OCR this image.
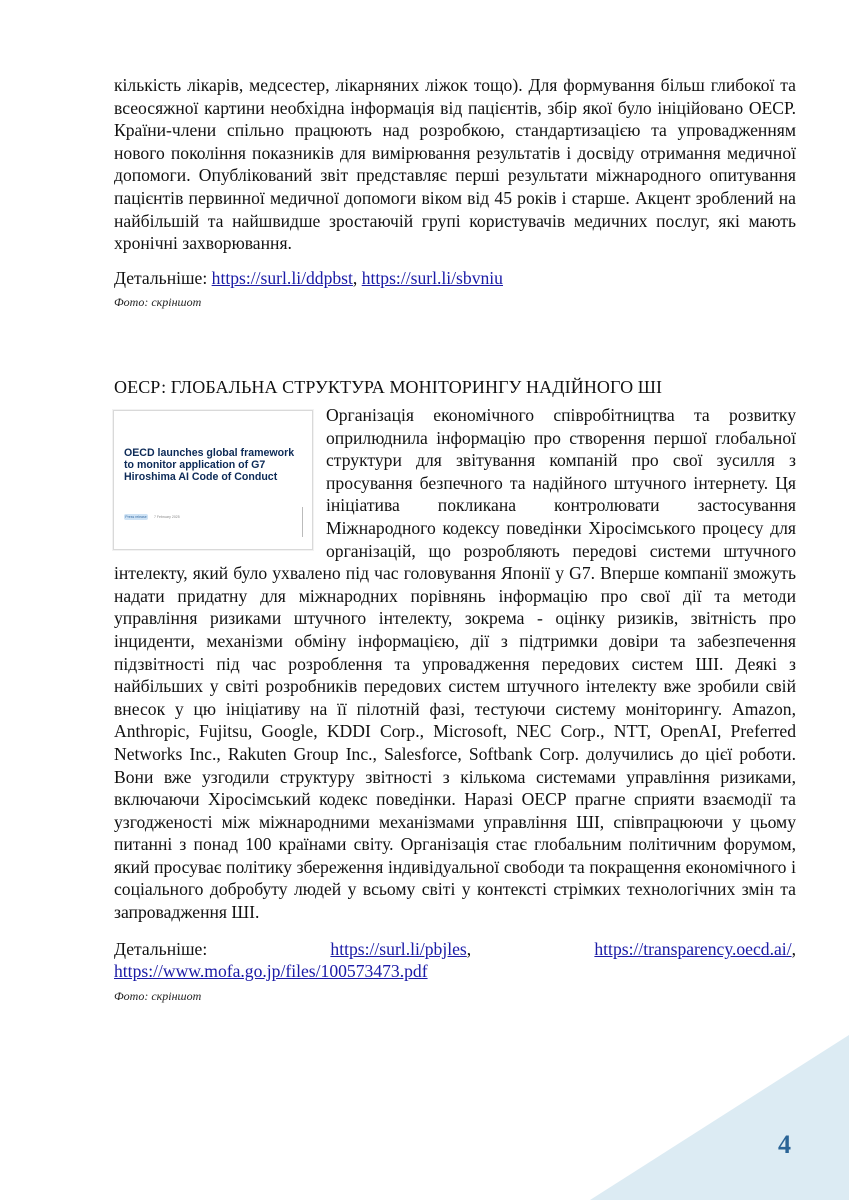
кількість лікарів, медсестер, лікарняних ліжок тощо). Для формування більш глибокої та всеосяжної картини необхідна інформація від пацієнтів, збір якої було ініційовано ОЕСР. Країни-члени спільно працюють над розробкою, стандартизацією та упровадженням нового покоління показників для вимірювання результатів і досвіду отримання медичної допомоги. Опублікований звіт представляє перші результати міжнародного опитування пацієнтів первинної медичної допомоги віком від 45 років і старше. Акцент зроблений на найбільшій та найшвидше зростаючій групі користувачів медичних послуг, які мають хронічні захворювання.

Детальніше: https://surl.li/ddpbst, https://surl.li/sbvniu
Фото: скріншот
ОЕСР: ГЛОБАЛЬНА СТРУКТУРА МОНІТОРИНГУ НАДІЙНОГО ШІ
OECD launches global framework to monitor application of G7 Hiroshima AI Code of Conduct
Press release	7 February 2025

Організація економічного співробітництва та розвитку оприлюднила інформацію про створення першої глобальної структури для звітування компаній про свої зусилля з просування безпечного та надійного штучного інтернету. Ця ініціатива покликана контролювати застосування Міжнародного кодексу поведінки Хіросімського процесу для організацій, що розробляють передові системи штучного інтелекту, який було ухвалено під час головування Японії у G7. Вперше компанії зможуть надати придатну для міжнародних порівнянь інформацію про свої дії та методи управління ризиками штучного інтелекту, зокрема - оцінку ризиків, звітність про інциденти, механізми обміну інформацією, дії з підтримки довіри та забезпечення підзвітності під час розроблення та упровадження передових систем ШІ. Деякі з найбільших у світі розробників передових систем штучного інтелекту вже зробили свій внесок у цю ініціативу на її пілотній фазі, тестуючи систему моніторингу. Amazon, Anthropic, Fujitsu, Google, KDDI Corp., Microsoft, NEC Corp., NTT, OpenAI, Preferred Networks Inc., Rakuten Group Inc., Salesforce, Softbank Corp. долучились до цієї роботи. Вони вже узгодили структуру звітності з кількома системами управління ризиками, включаючи Хіросімський кодекс поведінки. Наразі ОЕСР прагне сприяти взаємодії та узгодженості між міжнародними механізмами управління ШІ, співпрацюючи у цьому питанні з понад 100 країнами світу. Організація стає глобальним політичним форумом, який просуває політику збереження індивідуальної свободи та покращення економічного і соціального добробуту людей у всьому світі у контексті стрімких технологічних змін та запровадження ШІ.

Детальніше:	https://surl.li/pbjles,	https://transparency.oecd.ai/,
https://www.mofa.go.jp/files/100573473.pdf
Фото: скріншот
4
